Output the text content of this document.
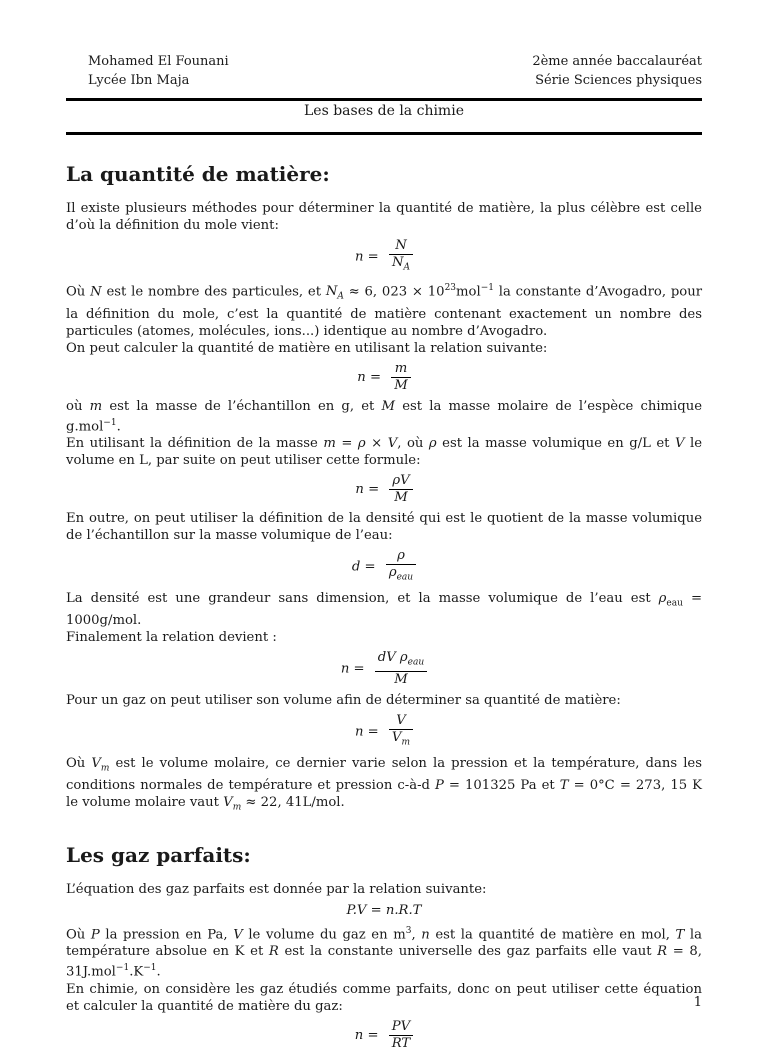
Mohamed El Founani
Lycée Ibn Maja
2ème année baccalauréat
Série Sciences physiques
Les bases de la chimie
La quantité de matière:

Il existe plusieurs méthodes pour déterminer la quantité de matière, la plus célèbre est celle d’où la définition du mole vient:

$n = \frac{N}{N_A}$

Où N est le nombre des particules, et $N_A \approx 6$, $023 \times 10^{23}mol^{-1}$ la constante d’Avogadro, pour la définition du mole, c’est la quantité de matière contenant exactement un nombre des particules (atomes, molécules, ions...) identique au nombre d’Avogadro.

On peut calculer la quantité de matière en utilisant la relation suivante:

$n = \frac{m}{M}$

où m est la masse de l’échantillon en g, et M est la masse molaire de l’espèce chimique g.mol$^{-1}$.

En utilisant la définition de la masse m = ρ × V, où ρ est la masse volumique en g/L et V le volume en L, par suite on peut utiliser cette formule:

$n = \frac{\rho V}{M}$

En outre, on peut utiliser la définition de la densité qui est le quotient de la masse volumique de l’échantillon sur la masse volumique de l’eau:

$d = \frac{\rho}{\rho_{eau}}$

La densité est une grandeur sans dimension, et la masse volumique de l’eau est $\rho_{eau} = 1000g/mol$.

Finalement la relation devient :

$n = \frac{dV \rho_{eau}}{M}$

Pour un gaz on peut utiliser son volume afin de déterminer sa quantité de matière:

$n = \frac{V}{V_m}$

Où $V_m$ est le volume molaire, ce dernier varie selon la pression et la température, dans les conditions normales de température et pression c-à-d P = 101325 Pa et T = 0°C = 273, 15 K le volume molaire vaut $V_m \approx 22$, 41L/mol.

Les gaz parfaits:

L’équation des gaz parfaits est donnée par la relation suivante:

P.V = n.R.T

Où P la pression en Pa, V le volume du gaz en $m^3$, n est la quantité de matière en mol, T la température absolue en K et R est la constante universelle des gaz parfaits elle vaut R = 8, $31J.mol^{-1}.K^{-1}$.

En chimie, on considère les gaz étudiés comme parfaits, donc on peut utiliser cette équation et calculer la quantité de matière du gaz:

$n = \frac{PV}{RT}$
1
